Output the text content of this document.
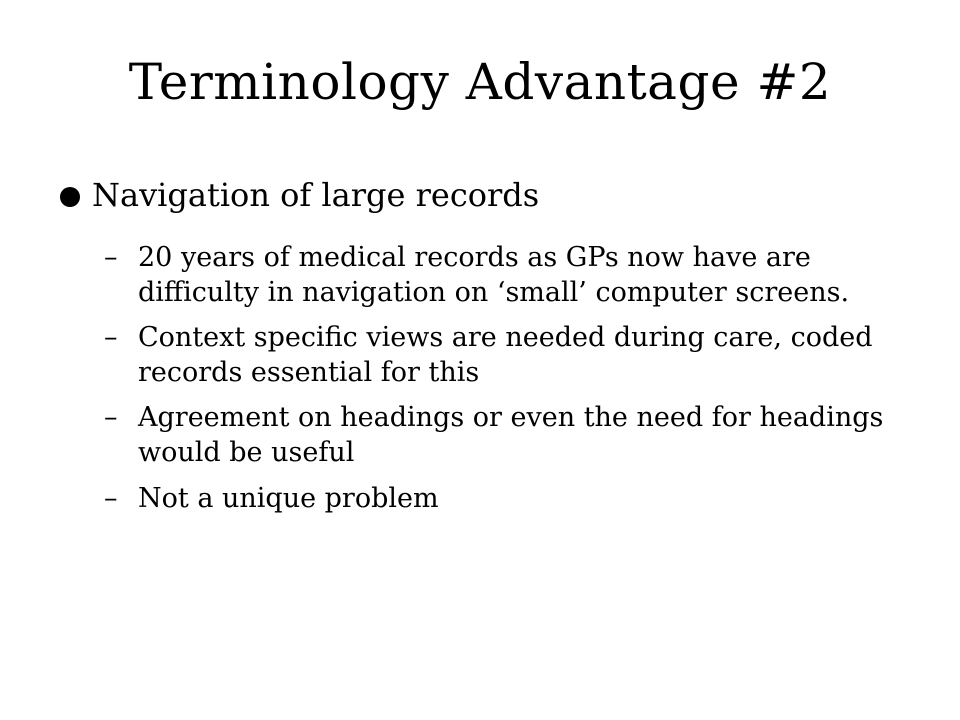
Terminology Advantage #2
Navigation of large records
– 20 years of medical records as GPs now have are difficulty in navigation on ‘small’ computer screens.
– Context specific views are needed during care, coded records essential for this
– Agreement on headings or even the need for headings would be useful
– Not a unique problem
